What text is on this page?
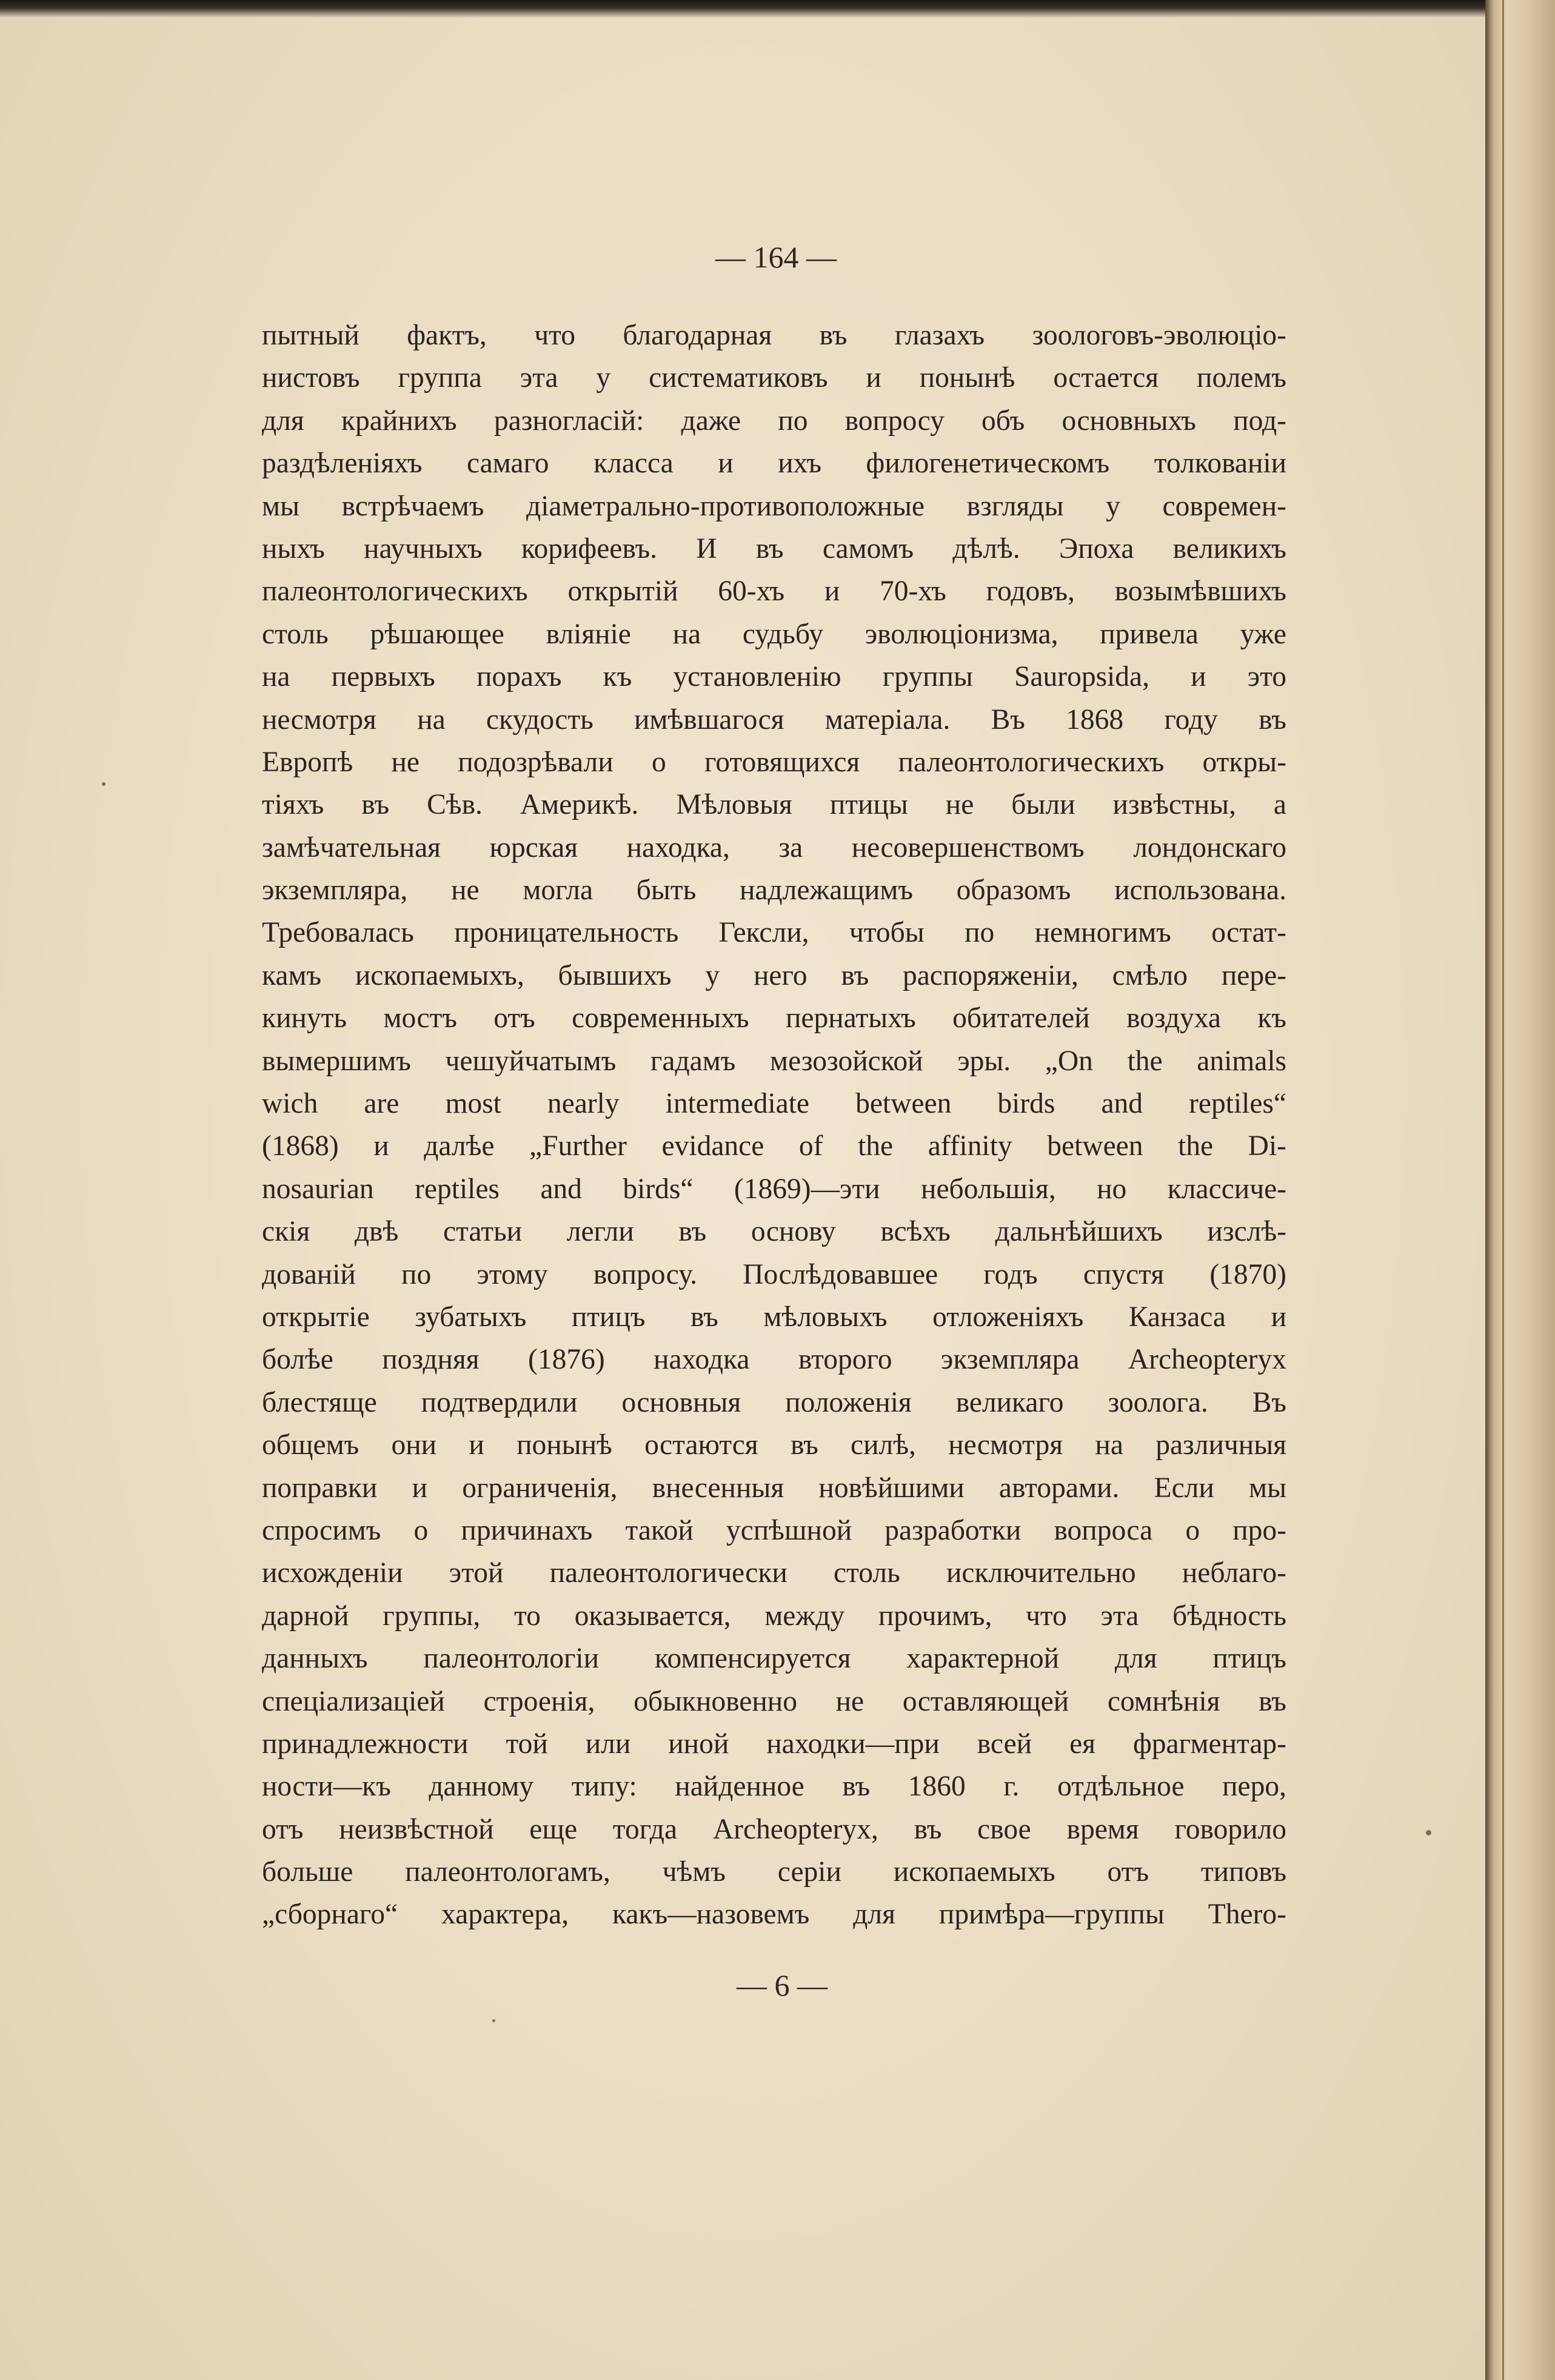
— 164 —
пытный фактъ, что благодарная въ глазахъ зоологовъ-эволюціо-
нистовъ группа эта у систематиковъ и понынѣ остается полемъ
для крайнихъ разногласій: даже по вопросу объ основныхъ под-
раздѣленіяхъ самаго класса и ихъ филогенетическомъ толкованіи
мы встрѣчаемъ діаметрально-противоположные взгляды у современ-
ныхъ научныхъ корифеевъ. И въ самомъ дѣлѣ. Эпоха великихъ
палеонтологическихъ открытій 60-хъ и 70-хъ годовъ, возымѣвшихъ
столь рѣшающее вліяніе на судьбу эволюціонизма, привела уже
на первыхъ порахъ къ установленію группы Sauropsida, и это
несмотря на скудость имѣвшагося матеріала. Въ 1868 году въ
Европѣ не подозрѣвали о готовящихся палеонтологическихъ откры-
тіяхъ въ Сѣв. Америкѣ. Мѣловыя птицы не были извѣстны, а
замѣчательная юрская находка, за несовершенствомъ лондонскаго
экземпляра, не могла быть надлежащимъ образомъ использована.
Требовалась проницательность Гексли, чтобы по немногимъ остат-
камъ ископаемыхъ, бывшихъ у него въ распоряженіи, смѣло пере-
кинуть мостъ отъ современныхъ пернатыхъ обитателей воздуха къ
вымершимъ чешуйчатымъ гадамъ мезозойской эры. „On the animals
wich are most nearly intermediate between birds and reptiles“
(1868) и далѣе „Further evidance of the affinity between the Di-
nosaurian reptiles and birds“ (1869)—эти небольшія, но классиче-
скія двѣ статьи легли въ основу всѣхъ дальнѣйшихъ изслѣ-
дованій по этому вопросу. Послѣдовавшее годъ спустя (1870)
открытіе зубатыхъ птицъ въ мѣловыхъ отложеніяхъ Канзаса и
болѣе поздняя (1876) находка второго экземпляра Archeopteryx
блестяще подтвердили основныя положенія великаго зоолога. Въ
общемъ они и понынѣ остаются въ силѣ, несмотря на различныя
поправки и ограниченія, внесенныя новѣйшими авторами. Если мы
спросимъ о причинахъ такой успѣшной разработки вопроса о про-
исхожденіи этой палеонтологически столь исключительно неблаго-
дарной группы, то оказывается, между прочимъ, что эта бѣдность
данныхъ палеонтологіи компенсируется характерной для птицъ
спеціализаціей строенія, обыкновенно не оставляющей сомнѣнія въ
принадлежности той или иной находки—при всей ея фрагментар-
ности—къ данному типу: найденное въ 1860 г. отдѣльное перо,
отъ неизвѣстной еще тогда Archeopteryx, въ свое время говорило
больше палеонтологамъ, чѣмъ серіи ископаемыхъ отъ типовъ
„сборнаго“ характера, какъ—назовемъ для примѣра—группы Thero-
— 6 —
